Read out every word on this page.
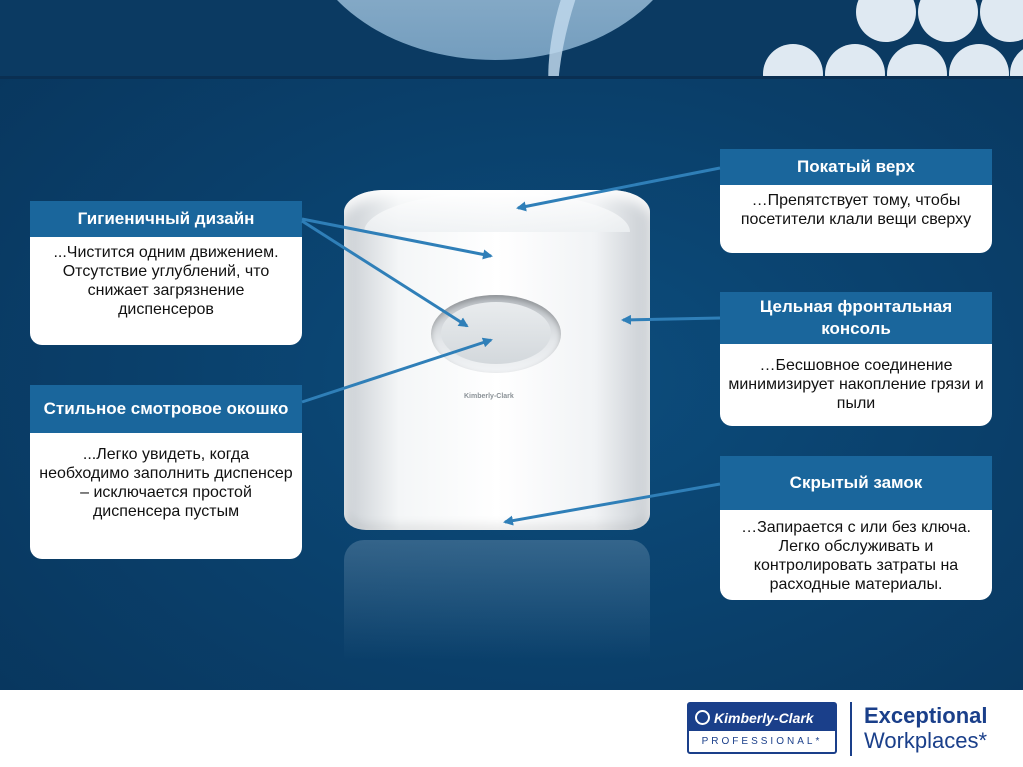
Kimberly-Clark
Гигиеничный дизайн
...Чистится одним движением.
Отсутствие углублений, что снижает загрязнение диспенсеров
Стильное смотровое окошко
...Легко увидеть, когда необходимо заполнить диспенсер – исключается простой диспенсера пустым
Покатый верх
…Препятствует тому, чтобы посетители клали вещи сверху
Цельная фронтальная консоль
…Бесшовное соединение минимизирует накопление грязи и пыли
Скрытый замок
…Запирается с или без ключа. Легко обслуживать и контролировать затраты на расходные материалы.
Kimberly-Clark
PROFESSIONAL*
Exceptional
Workplaces*
